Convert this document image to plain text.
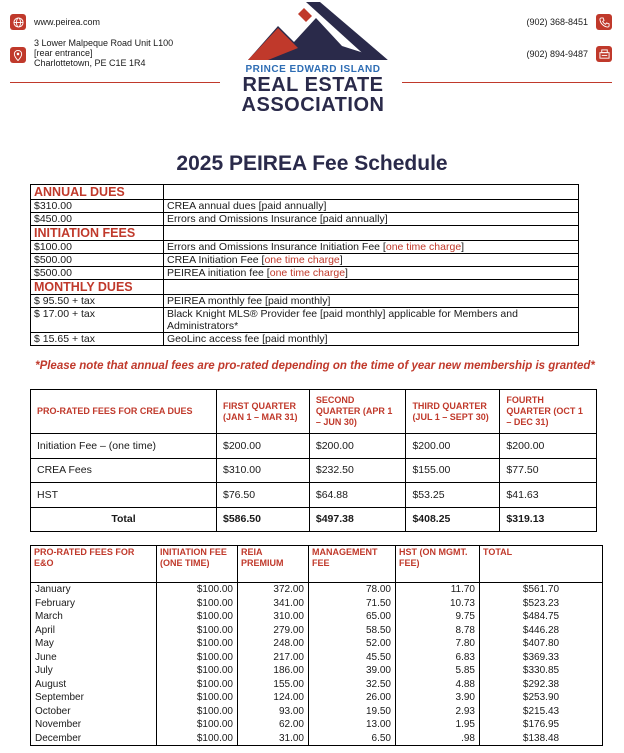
www.peirea.com
3 Lower Malpeque Road Unit L100
[rear entrance]
Charlottetown, PE C1E 1R4
PRINCE EDWARD ISLAND
REAL ESTATE
ASSOCIATION
(902) 368-8451
(902) 894-9487
2025 PEIREA Fee Schedule
ANNUAL DUES	
$310.00	CREA annual dues [paid annually]
$450.00	Errors and Omissions Insurance [paid annually]
INITIATION FEES	
$100.00	Errors and Omissions Insurance Initiation Fee [one time charge]
$500.00	CREA Initiation Fee [one time charge]
$500.00	PEIREA initiation fee [one time charge]
MONTHLY DUES	
$ 95.50 + tax	PEIREA monthly fee [paid monthly]
$ 17.00 + tax	Black Knight MLS® Provider fee [paid monthly] applicable for Members and Administrators*
$ 15.65 + tax	GeoLinc access fee [paid monthly]
*Please note that annual fees are pro-rated depending on the time of year new membership is granted*
PRO-RATED FEES FOR CREA DUES	FIRST QUARTER (JAN 1 – MAR 31)	SECOND QUARTER (APR 1 – JUN 30)	THIRD QUARTER (JUL 1 – SEPT 30)	FOURTH QUARTER (OCT 1 – DEC 31)
Initiation Fee – (one time)	$200.00	$200.00	$200.00	$200.00
CREA Fees	$310.00	$232.50	$155.00	$77.50
HST	$76.50	$64.88	$53.25	$41.63
Total	$586.50	$497.38	$408.25	$319.13
PRO-RATED FEES FOR E&O	INITIATION FEE (ONE TIME)	REIA PREMIUM	MANAGEMENT FEE	HST (ON MGMT. FEE)	TOTAL
January	$100.00	372.00	78.00	11.70	$561.70
February	$100.00	341.00	71.50	10.73	$523.23
March	$100.00	310.00	65.00	9.75	$484.75
April	$100.00	279.00	58.50	8.78	$446.28
May	$100.00	248.00	52.00	7.80	$407.80
June	$100.00	217.00	45.50	6.83	$369.33
July	$100.00	186.00	39.00	5.85	$330.85
August	$100.00	155.00	32.50	4.88	$292.38
September	$100.00	124.00	26.00	3.90	$253.90
October	$100.00	93.00	19.50	2.93	$215.43
November	$100.00	62.00	13.00	1.95	$176.95
December	$100.00	31.00	6.50	.98	$138.48
